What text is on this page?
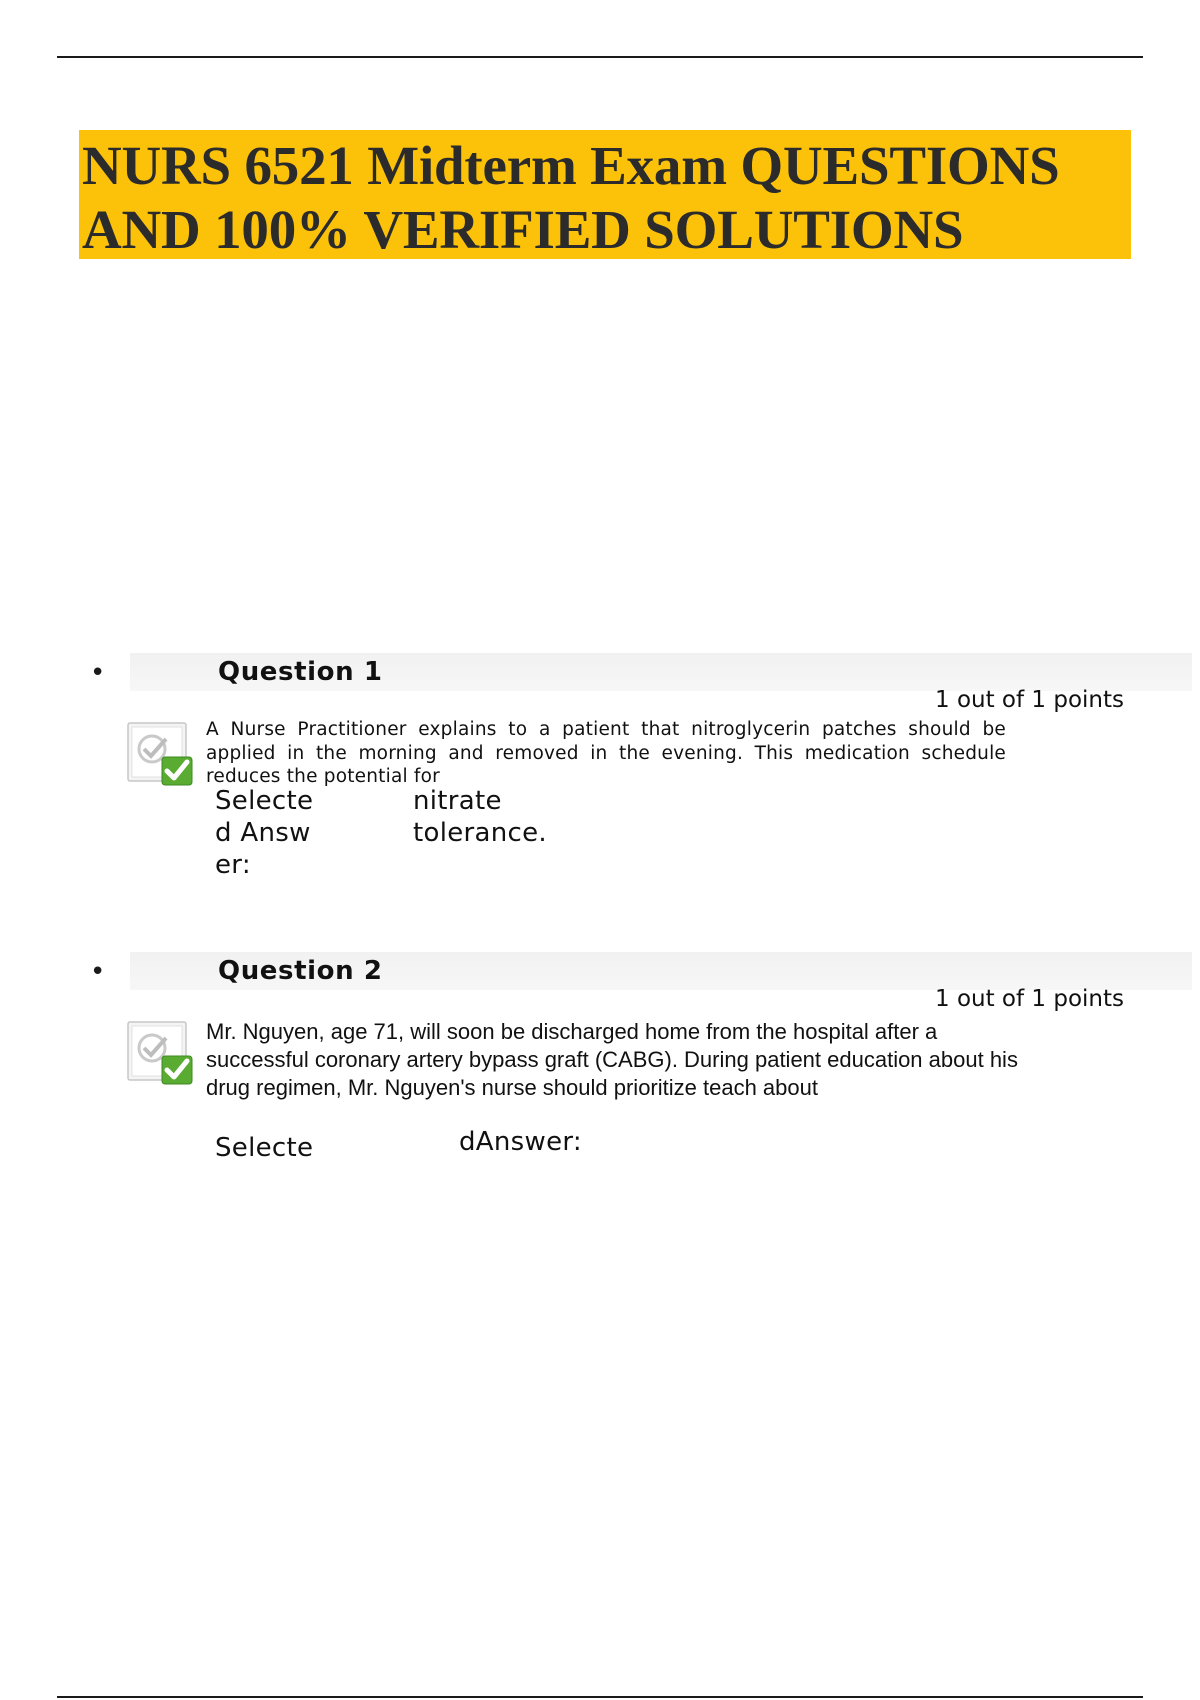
NURS 6521 Midterm Exam QUESTIONS AND 100% VERIFIED SOLUTIONS
•	Question 1
1 out of 1 points
A Nurse Practitioner explains to a patient that nitroglycerin patches should be applied in the morning and removed in the evening. This medication schedule reduces the potential for
Selected Answer:
nitrate tolerance.
•	Question 2
1 out of 1 points
Mr. Nguyen, age 71, will soon be discharged home from the hospital after a successful coronary artery bypass graft (CABG). During patient education about his drug regimen, Mr. Nguyen's nurse should prioritize teach about
Selecte	dAnswer:
